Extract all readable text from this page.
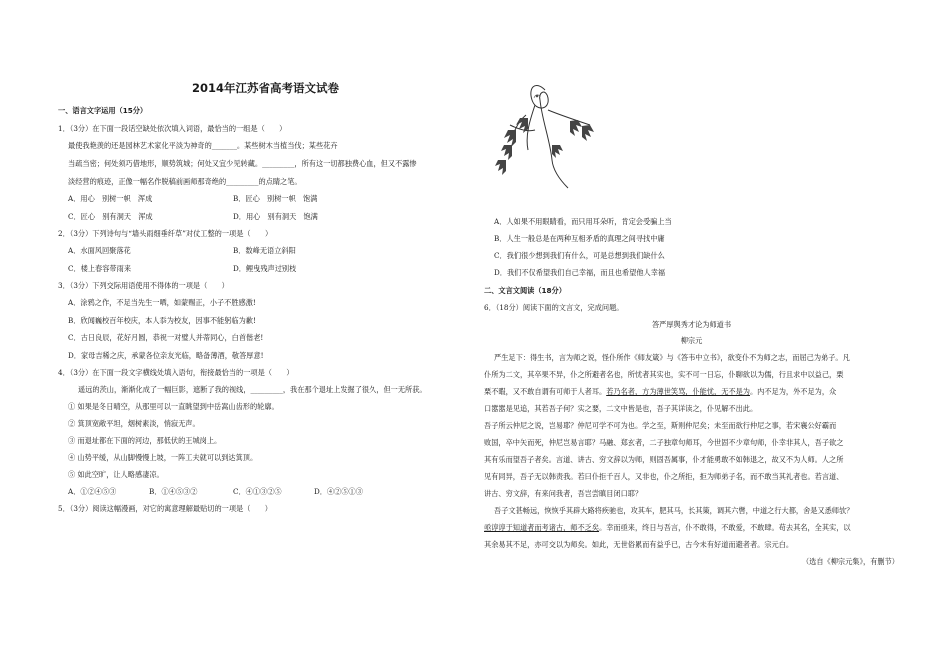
2014年江苏省高考语文试卷
一、语言文字运用（15分）
1．（3分）在下面一段话空缺处依次填入词语，最恰当的一组是（　　）
最使我艳羡的还是园林艺术家化平淡为神奇的_______。某些树木当植当伐；某些花卉
当疏当密；何处须巧借地形，顺势筑城；何处又宜少见转藏。_________，所有这一切都独费心血，但又不露惨
淡经营的痕迹，正像一幅名作脱稿前画师那奇绝的_________的点睛之笔。
A．用心　别树一帜　浑成	B．匠心　别树一帜　饱满
C．匠心　别有洞天　浑成	D．用心　别有洞天　饱满
2．（3分）下列诗句与“墙头雨细垂纤草”对仗工整的一项是（　　）
A．水面风回聚落花	B．数峰无语立斜阳
C．楼上春容带雨来	D．鲤曳残声过别枝
3．（3分）下列交际用语使用不得体的一项是（　　）
A．涂鸦之作，不足当先生一哂，如蒙赐正，小子不胜感激!
B．欣闻巍校百年校庆，本人忝为校友，因事不能躬临为歉!
C．古日良辰，花好月圆，恭祝一对璧人并蒂同心，白首偕老!
D．家母吉稀之庆，承蒙各位亲友光临，略备薄酒，敬答厚意!
4．（3分）在下面一段文字横线处填入语句，衔接最恰当的一项是（　　）
遥远的茨山，渐渐化成了一幅巨影，遮断了我的视线，_________，我在那个退址上发掘了很久，但一无所获。
① 如果是冬日晴空，从那里可以一直眺望到中岳嵩山齿形的轮廓。
② 箕顶宽敞平坦，烟树素淡，悄寂无声。
③ 而退址都在下面的河边，那低伏的王城岗上。
④ 山势平缓，从山脚慢慢上坡，一阵工夫就可以到达箕顶。
⑤ 如此空旷，让人略感凄凉。
A．①②④⑤③	B．①④⑤③②	C．④①③②⑤	D．④②⑤①③
5．（3分）阅读这幅漫画，对它的寓意理解最贴切的一项是（　　）
A．人如果不用眼睛看，而只用耳朵听，肯定会受骗上当
B．人生一般总是在两种互相矛盾的真理之间寻找中庸
C．我们很少想到我们有什么，可是总想到我们缺什么
D．我们不仅希望我们自己幸福，而且也希望他人幸福
二、文言文阅读（18分）
6．（18分）阅读下面的文言文，完成问题。
答严厚舆秀才论为师道书
柳宗元
严生足下：得生书，言为师之说，怪仆所作《师友箴》与《答韦中立书》，欲变仆不为师之志，而屈己为弟子。凡
仆所为二文，其卒果不异，仆之所避者名也，所忧者其实也，实不可一日忘，仆聊欲以为儒，行且求中以益己，栗
栗不暇，又不敢自谓有可师于人者耳。若乃名者，方为薄世笑骂，仆能忧，无不是为。内不足为，外不足为，众
口嚣嚣是见追，其若吾子何？实之要，二文中皆是也，吾子其详读之，仆见解不出此。
吾子所云仲尼之说，岂易耶？仲尼可学不可为也。学之至，斯则仲尼矣；未至而欲行仲尼之事，若宋襄公好霸而
败国，卒中矢而死，仲尼岂易言耶？马融、郑玄者，二子独章句师耳，今世固不少章句师，仆幸非其人，吾子欲之
其有乐而望吾子者矣。言道、讲古、穷文辞以为师，则固吾属事，仆才能勇敢不如韩退之，故又不为人师。人之所
见有同异，吾子无以韩责我。若曰仆拒千百人，又非也，仆之所拒，拒为师弟子名，而不敢当其礼者也。若言道、
讲古、穷文辞，有来问我者，吾岂尝瞋目闭口耶？
吾子文甚畅远，恢恢乎其辟大路将疾驰也，攻其车，肥其马，长其策，调其六辔，中道之行大都，舍是又悉师欤？
亟谆谆于知道者而考诸古，师不乏矣。幸而亟来，终日与吾言，仆不敢得，不敢爱，不敢肆。苟去其名，全其实，以
其余易其不足，亦可交以为师矣。如此，无世俗累而有益乎已，古今未有好道而避者者。宗元白。
（选自《柳宗元集》，有删节）
